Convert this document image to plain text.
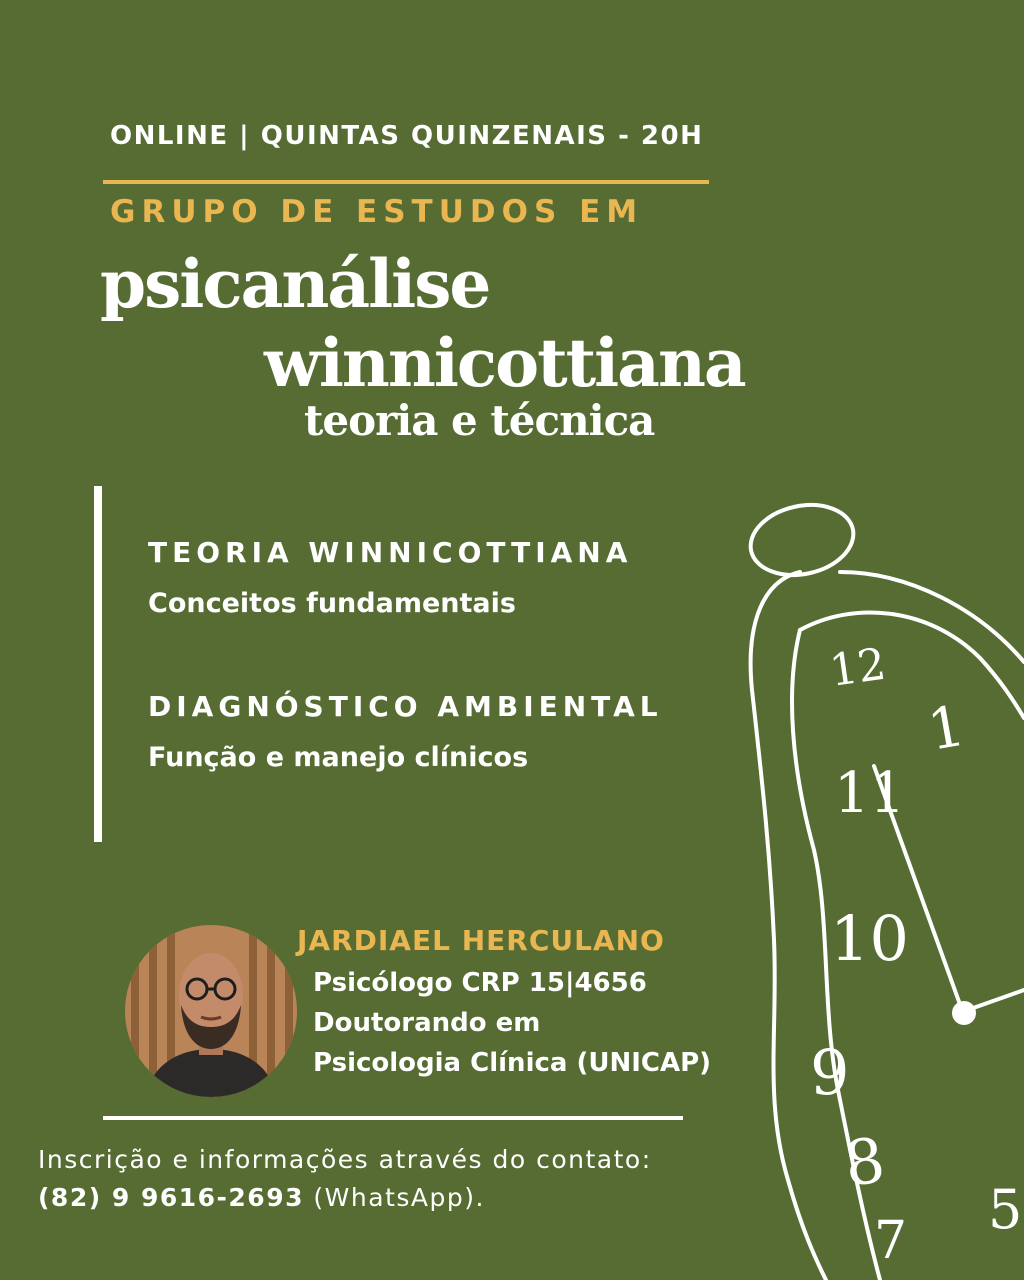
ONLINE | QUINTAS QUINZENAIS - 20H
GRUPO DE ESTUDOS EM
psicanálise
winnicottiana
teoria e técnica
TEORIA WINNICOTTIANA
Conceitos fundamentais
DIAGNÓSTICO AMBIENTAL
Função e manejo clínicos
JARDIAEL HERCULANO
Psicólogo CRP 15|4656
Doutorando em
Psicologia Clínica (UNICAP)
Inscrição e informações através do contato:
(82) 9 9616-2693 (WhatsApp).
12
1
11
10
9
8
7 5
